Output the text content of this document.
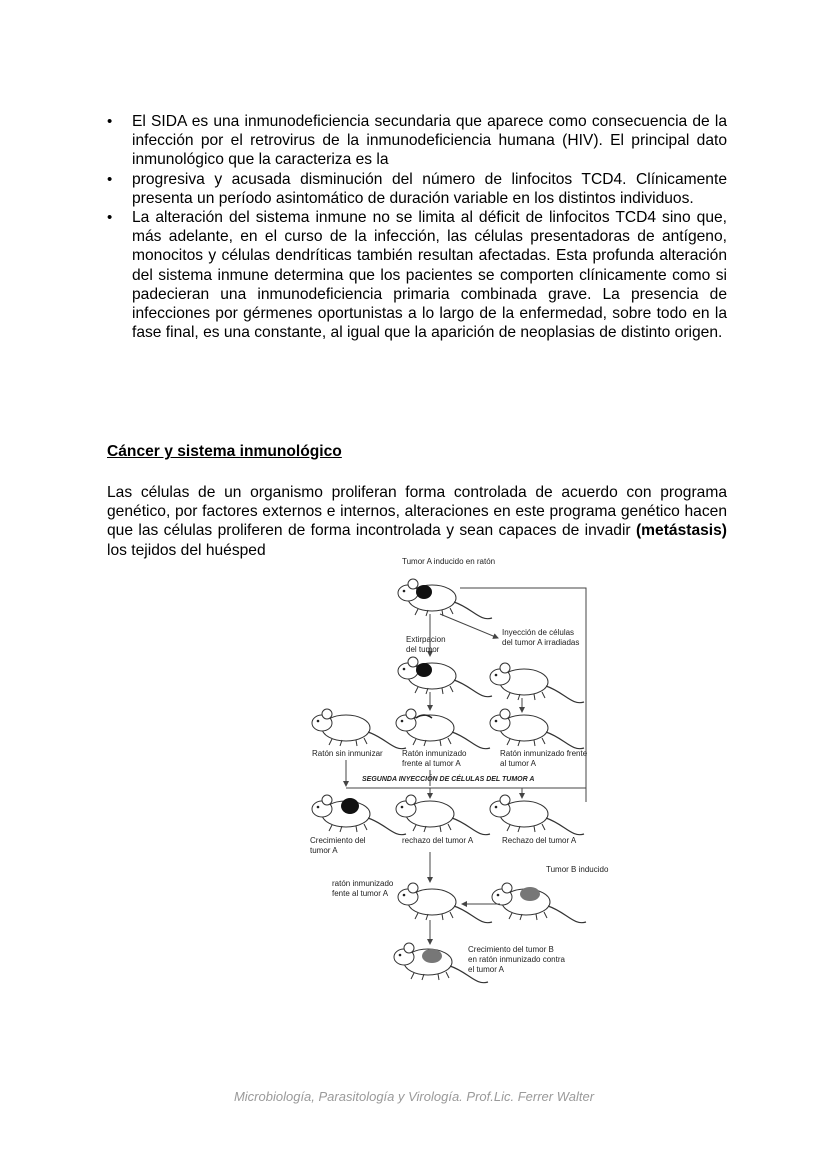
• El SIDA es una inmunodeficiencia secundaria que aparece como consecuencia de la infección por el retrovirus de la inmunodeficiencia humana (HIV). El principal dato inmunológico que la caracteriza es la
• progresiva y acusada disminución del número de linfocitos TCD4. Clínicamente presenta un período asintomático de duración variable en los distintos individuos.
• La alteración del sistema inmune no se limita al déficit de linfocitos TCD4 sino que, más adelante, en el curso de la infección, las células presentadoras de antígeno, monocitos y células dendríticas también resultan afectadas. Esta profunda alteración del sistema inmune determina que los pacientes se comporten clínicamente como si padecieran una inmunodeficiencia primaria combinada grave. La presencia de infecciones por gérmenes oportunistas a lo largo de la enfermedad, sobre todo en la fase final, es una constante, al igual que la aparición de neoplasias de distinto origen.
Cáncer y sistema inmunológico

Las células de un organismo proliferan forma controlada de acuerdo con programa genético, por factores externos e internos, alteraciones en este programa genético hacen que las células proliferen de forma incontrolada y sean capaces de invadir (metástasis) los tejidos del huésped

Tumor A inducido en ratón
Extirpacion
del tumor
Inyección de células
del tumor A irradiadas
Ratón sin inmunizar Ratón inmunizado
frente al tumor A
Ratón inmunizado frente
al tumor A
SEGUNDA INYECCIÓN DE CÉLULAS DEL TUMOR A
Crecimiento del
tumor A
rechazo del tumor A	Rechazo del tumor A
Tumor B inducido
ratón inmunizado
fente al tumor A
Crecimiento del tumor B
en ratón inmunizado contra
el tumor A
Microbiología, Parasitología y Virología. Prof.Lic. Ferrer Walter
